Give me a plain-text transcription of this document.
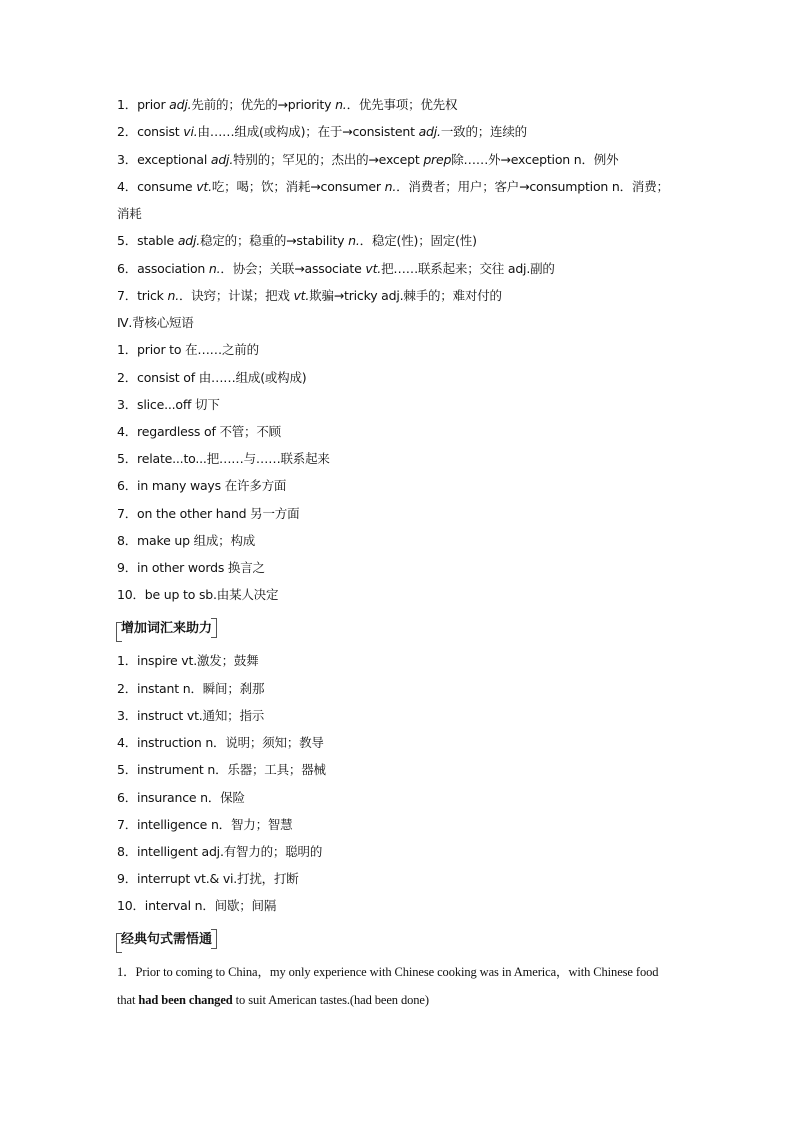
1．prior adj.先前的；优先的→priority n.．优先事项；优先权
2．consist vi.由……组成(或构成)；在于→consistent adj.一致的；连续的
3．exceptional adj.特别的；罕见的；杰出的→except prep除……外→exception n．例外
4．consume vt.吃；喝；饮；消耗→consumer n.．消费者；用户；客户→consumption n．消费；
消耗
5．stable adj.稳定的；稳重的→stability n.．稳定(性)；固定(性)
6．association n.．协会；关联→associate vt.把……联系起来；交往 adj.副的
7．trick n.．诀窍；计谋；把戏 vt.欺骗→tricky adj.棘手的；难对付的
Ⅳ.背核心短语
1．prior to 在……之前的
2．consist of 由……组成(或构成)
3．slice...off 切下
4．regardless of 不管；不顾
5．relate...to...把……与……联系起来
6．in many ways 在许多方面
7．on the other hand 另一方面
8．make up 组成；构成
9．in other words 换言之
10．be up to sb.由某人决定
增加词汇来助力
1．inspire vt.激发；鼓舞
2．instant n．瞬间；刹那
3．instruct vt.通知；指示
4．instruction n．说明；须知；教导
5．instrument n．乐器；工具；器械
6．insurance n．保险
7．intelligence n．智力；智慧
8．intelligent adj.有智力的；聪明的
9．interrupt vt.& vi.打扰，打断
10．interval n．间歇；间隔
经典句式需悟通
1．Prior to coming to China，my only experience with Chinese cooking was in America，with Chinese food that had been changed to suit American tastes.(had been done)
